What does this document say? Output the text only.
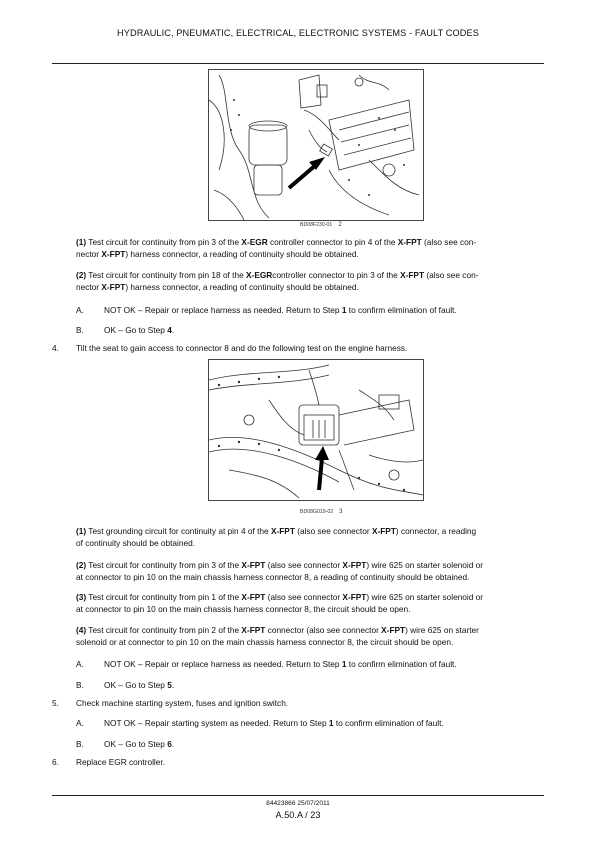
HYDRAULIC, PNEUMATIC, ELECTRICAL, ELECTRONIC SYSTEMS - FAULT CODES
BD08F230-01 2
(1) Test circuit for continuity from pin 3 of the X-EGR controller connector to pin 4 of the X-FPT (also see con-
nector X-FPT) harness connector, a reading of continuity should be obtained.
(2) Test circuit for continuity from pin 18 of the X-EGRcontroller connector to pin 3 of the X-FPT (also see con-
nector X-FPT) harness connector, a reading of continuity should be obtained.
A. NOT OK – Repair or replace harness as needed. Return to Step 1 to confirm elimination of fault.
B. OK – Go to Step 4.
4. Tilt the seat to gain access to connector 8 and do the following test on the engine harness.
BD08G019-02 3
(1) Test grounding circuit for continuity at pin 4 of the X-FPT (also see connector X-FPT) connector, a reading
of continuity should be obtained.
(2) Test circuit for continuity from pin 3 of the X-FPT (also see connector X-FPT) wire 625 on starter solenoid or
at connector to pin 10 on the main chassis harness connector 8, a reading of continuity should be obtained.
(3) Test circuit for continuity from pin 1 of the X-FPT (also see connector X-FPT) wire 625 on starter solenoid or
at connector to pin 10 on the main chassis harness connector 8, the circuit should be open.
(4) Test circuit for continuity from pin 2 of the X-FPT connector (also see connector X-FPT) wire 625 on starter
solenoid or at connector to pin 10 on the main chassis harness connector 8, the circuit should be open.
A. NOT OK – Repair or replace harness as needed. Return to Step 1 to confirm elimination of fault.
B. OK – Go to Step 5.
5. Check machine starting system, fuses and ignition switch.
A. NOT OK – Repair starting system as needed. Return to Step 1 to confirm elimination of fault.
B. OK – Go to Step 6.
6. Replace EGR controller.
84423866 25/07/2011
A.50.A / 23
